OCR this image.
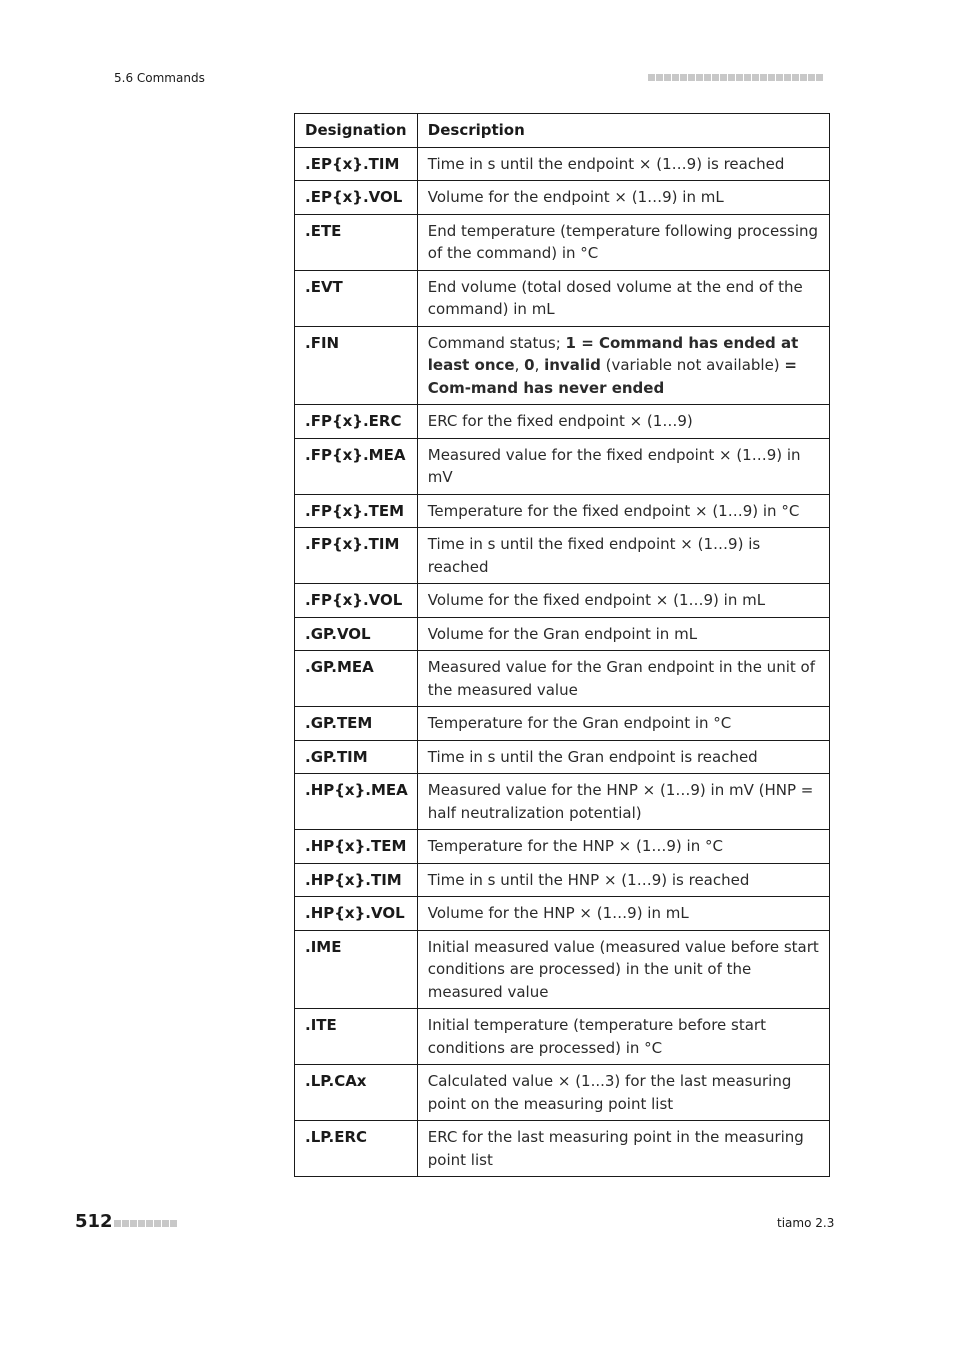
5.6 Commands
Designation	Description
.EP{x}.TIM	Time in s until the endpoint × (1…9) is reached
.EP{x}.VOL	Volume for the endpoint × (1…9) in mL
.ETE	End temperature (temperature following processing of the command) in °C
.EVT	End volume (total dosed volume at the end of the command) in mL
.FIN	Command status; 1 = Command has ended at least once, 0, invalid (variable not available) = Com-mand has never ended
.FP{x}.ERC	ERC for the fixed endpoint × (1…9)
.FP{x}.MEA	Measured value for the fixed endpoint × (1…9) in mV
.FP{x}.TEM	Temperature for the fixed endpoint × (1…9) in °C
.FP{x}.TIM	Time in s until the fixed endpoint × (1…9) is reached
.FP{x}.VOL	Volume for the fixed endpoint × (1…9) in mL
.GP.VOL	Volume for the Gran endpoint in mL
.GP.MEA	Measured value for the Gran endpoint in the unit of the measured value
.GP.TEM	Temperature for the Gran endpoint in °C
.GP.TIM	Time in s until the Gran endpoint is reached
.HP{x}.MEA	Measured value for the HNP × (1…9) in mV (HNP = half neutralization potential)
.HP{x}.TEM	Temperature for the HNP × (1…9) in °C
.HP{x}.TIM	Time in s until the HNP × (1…9) is reached
.HP{x}.VOL	Volume for the HNP × (1…9) in mL
.IME	Initial measured value (measured value before start conditions are processed) in the unit of the measured value
.ITE	Initial temperature (temperature before start conditions are processed) in °C
.LP.CAx	Calculated value × (1...3) for the last measuring point on the measuring point list
.LP.ERC	ERC for the last measuring point in the measuring point list
512	tiamo 2.3
